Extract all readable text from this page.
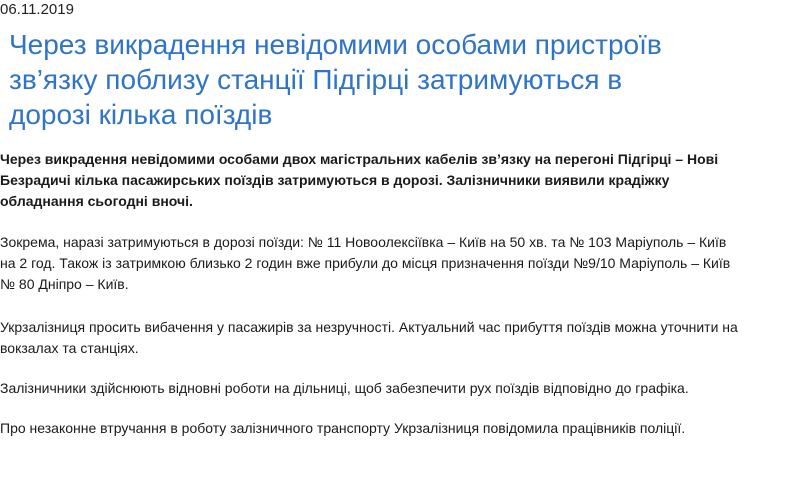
06.11.2019
Через викрадення невідомими особами пристроїв
зв’язку поблизу станції Підгірці затримуються в
дорозі кілька поїздів
Через викрадення невідомими особами двох магістральних кабелів зв’язку на перегоні Підгірці – Нові
Безрадичі кілька пасажирських поїздів затримуються в дорозі. Залізничники виявили крадіжку
обладнання сьогодні вночі.
Зокрема, наразі затримуються в дорозі поїзди: № 11 Новоолексіївка – Київ на 50 хв. та № 103 Маріуполь – Київ
на 2 год. Також із затримкою близько 2 годин вже прибули до місця призначення поїзди №9/10 Маріуполь – Київ
№ 80 Дніпро – Київ.
Укрзалізниця просить вибачення у пасажирів за незручності. Актуальний час прибуття поїздів можна уточнити на
вокзалах та станціях.
Залізничники здійснюють відновні роботи на дільниці, щоб забезпечити рух поїздів відповідно до графіка.
Про незаконне втручання в роботу залізничного транспорту Укрзалізниця повідомила працівників поліції.
